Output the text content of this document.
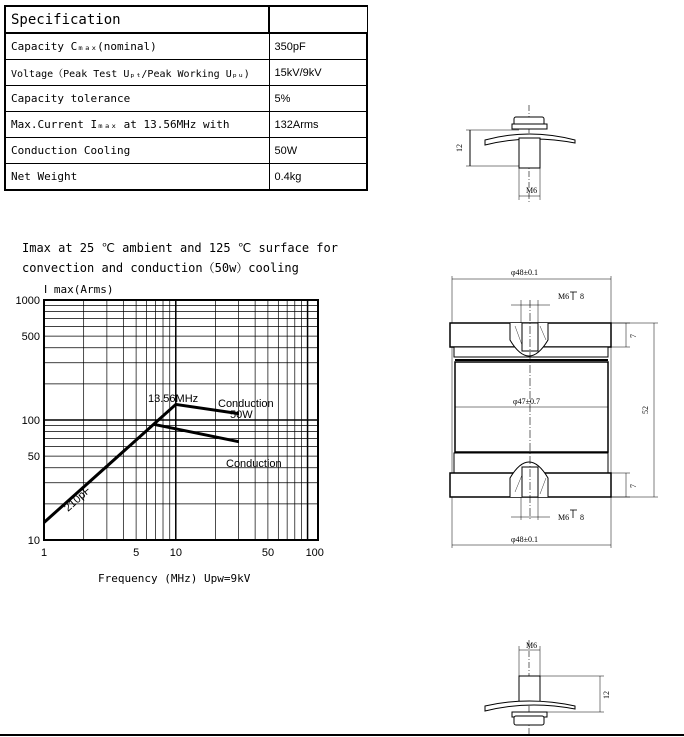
Specification	
Capacity Cₘₐₓ(nominal)	350pF
Voltage（Peak Test Uₚₜ/Peak Working Uₚᵤ)	15kV/9kV
Capacity tolerance	5%
Max.Current Iₘₐₓ at 13.56MHz with	132Arms
Conduction Cooling	50W
Net Weight	0.4kg
Imax at 25 ℃ ambient and 125 ℃ surface for
convection and conduction（50w）cooling
Ⅰ max(Arms)
Frequency (MHz) Upw=9kV
1	5	10	50	100
1000
500
100
50
10
13.56MHz Conduction
50W
Conduction
210pF
12
M6
φ48±0.1
M6 8
7
7
52
φ47±0.7
M6 8
φ48±0.1
M6
12
